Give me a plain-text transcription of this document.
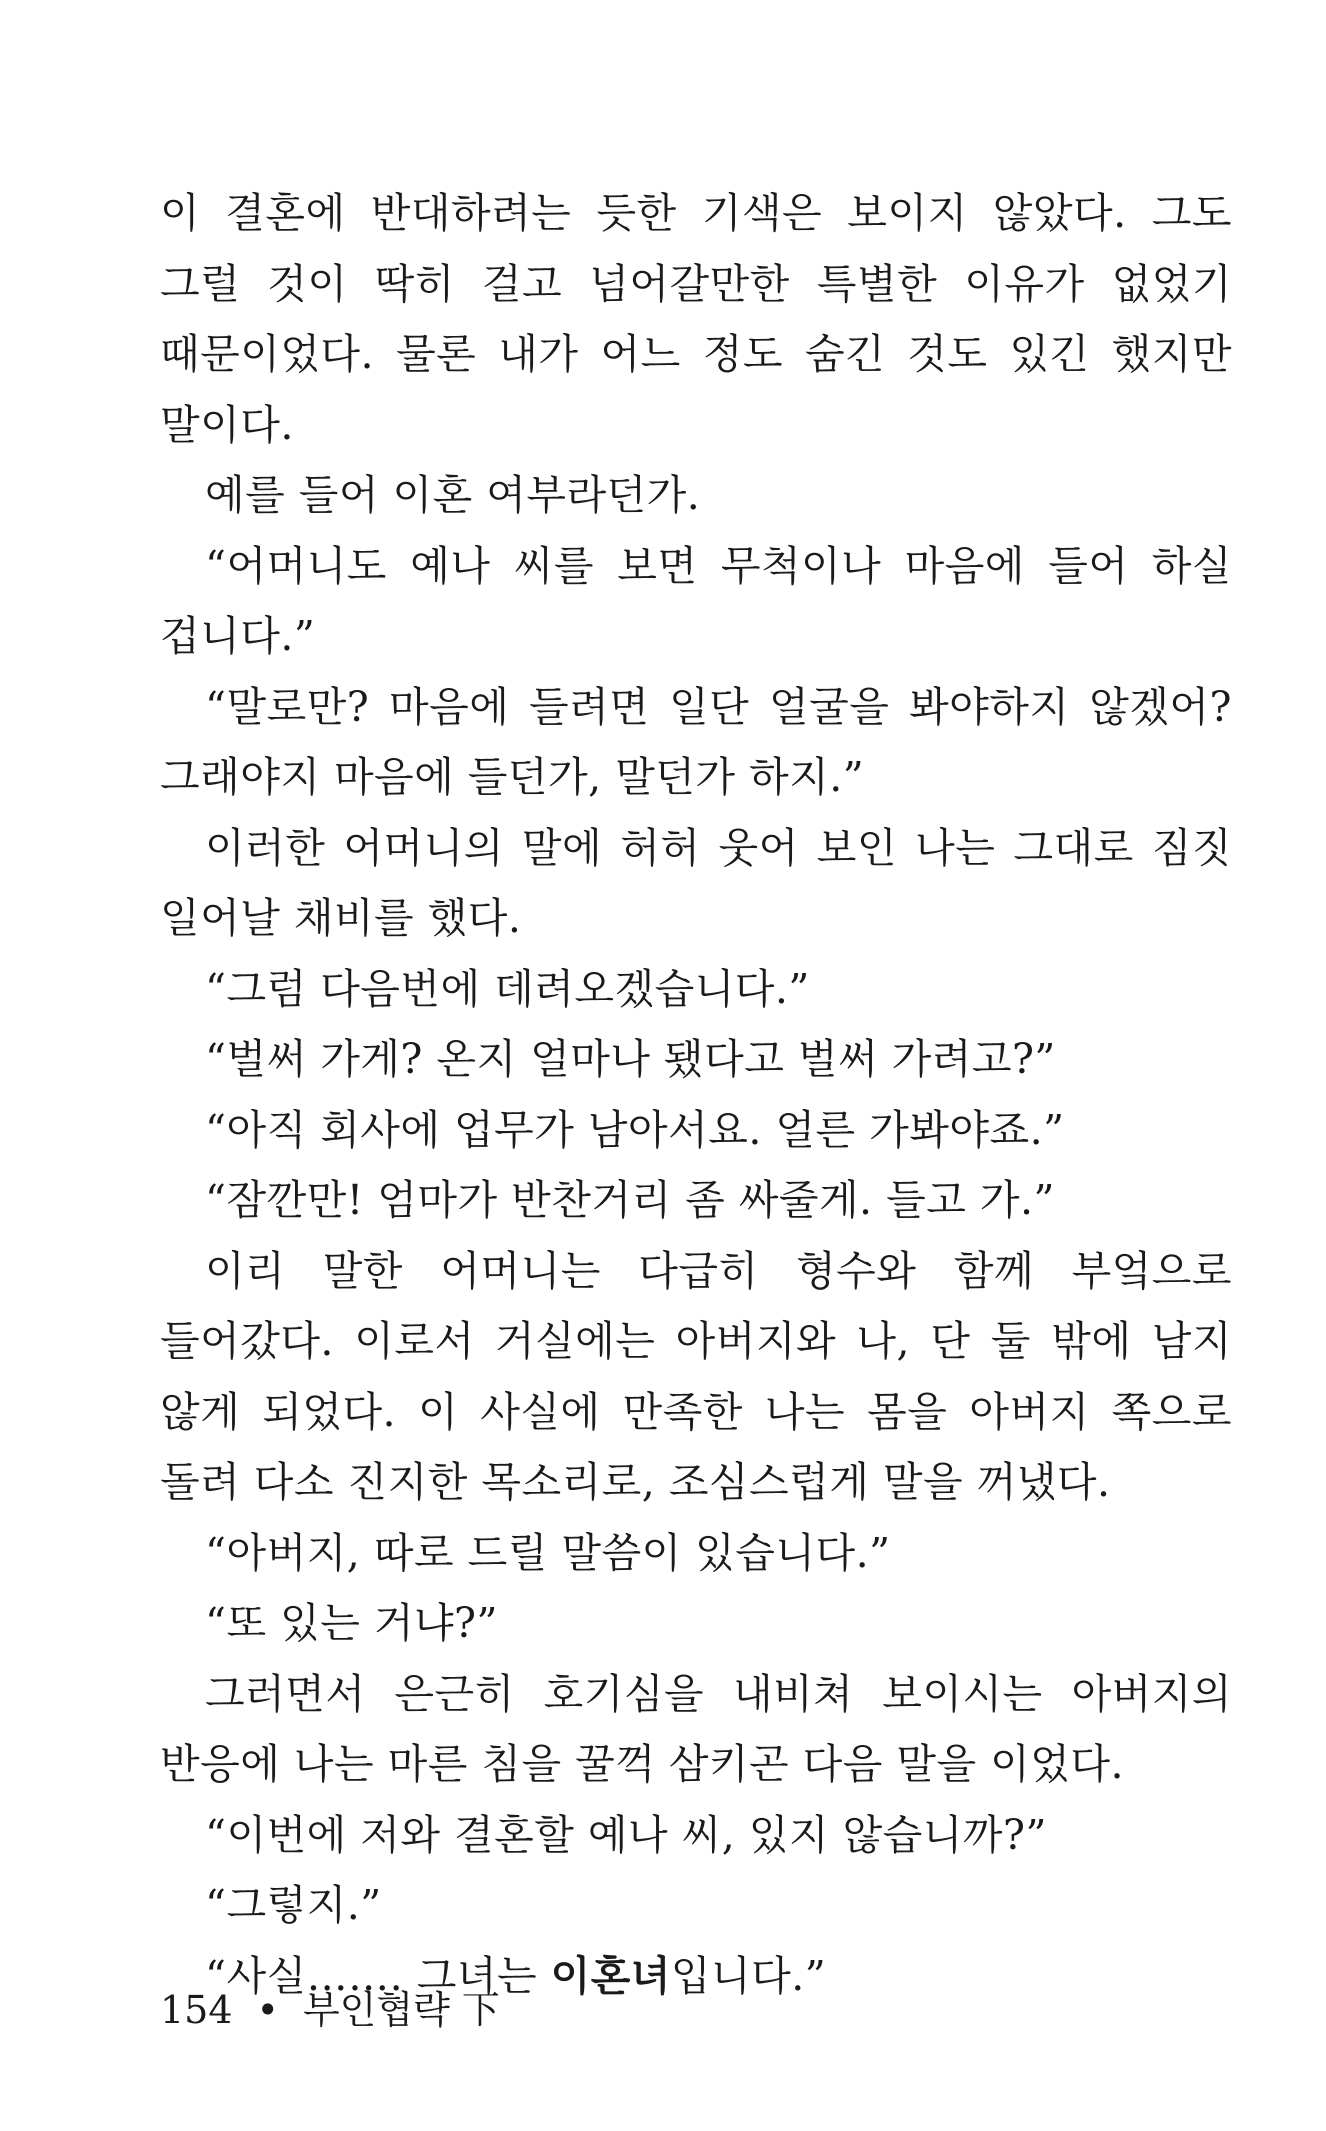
이 결혼에 반대하려는 듯한 기색은 보이지 않았다. 그도 그럴 것이 딱히 걸고 넘어갈만한 특별한 이유가 없었기 때문이었다. 물론 내가 어느 정도 숨긴 것도 있긴 했지만 말이다.

예를 들어 이혼 여부라던가.

“어머니도 예나 씨를 보면 무척이나 마음에 들어 하실 겁니다.”

“말로만? 마음에 들려면 일단 얼굴을 봐야하지 않겠어? 그래야지 마음에 들던가, 말던가 하지.”

이러한 어머니의 말에 허허 웃어 보인 나는 그대로 짐짓 일어날 채비를 했다.

“그럼 다음번에 데려오겠습니다.”

“벌써 가게? 온지 얼마나 됐다고 벌써 가려고?”

“아직 회사에 업무가 남아서요. 얼른 가봐야죠.”

“잠깐만! 엄마가 반찬거리 좀 싸줄게. 들고 가.”

이리 말한 어머니는 다급히 형수와 함께 부엌으로 들어갔다. 이로서 거실에는 아버지와 나, 단 둘 밖에 남지 않게 되었다. 이 사실에 만족한 나는 몸을 아버지 쪽으로 돌려 다소 진지한 목소리로, 조심스럽게 말을 꺼냈다.

“아버지, 따로 드릴 말씀이 있습니다.”

“또 있는 거냐?”

그러면서 은근히 호기심을 내비쳐 보이시는 아버지의 반응에 나는 마른 침을 꿀꺽 삼키곤 다음 말을 이었다.

“이번에 저와 결혼할 예나 씨, 있지 않습니까?”

“그렇지.”

“사실……. 그녀는 이혼녀입니다.”

154 • 부인협략 下
